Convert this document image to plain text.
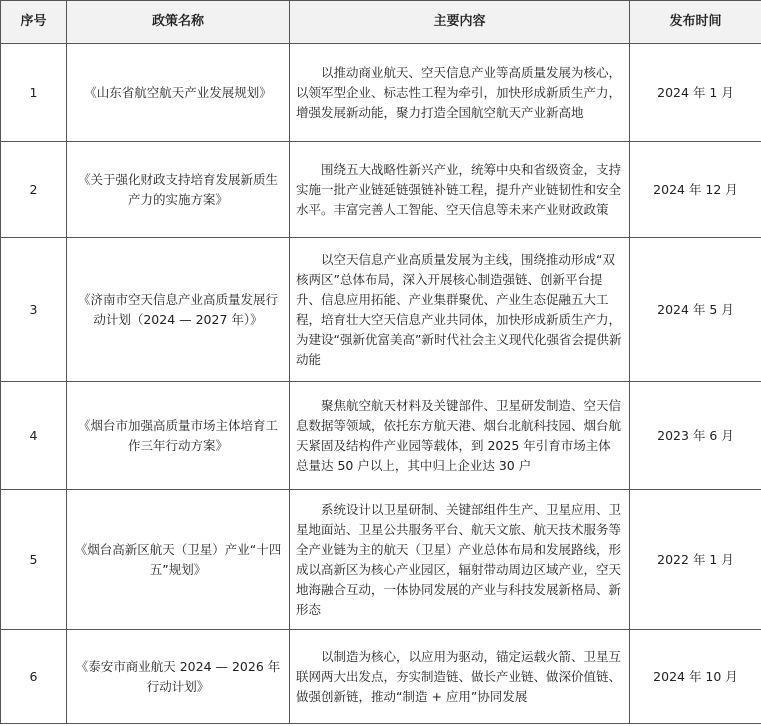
序号	政策名称	主要内容	发布时间
1	《山东省航空航天产业发展规划》	以推动商业航天、空天信息产业等高质量发展为核心，以领军型企业、标志性工程为牵引，加快形成新质生产力，增强发展新动能，聚力打造全国航空航天产业新高地	2024 年 1 月
2	《关于强化财政支持培育发展新质生产力的实施方案》	围绕五大战略性新兴产业，统筹中央和省级资金，支持实施一批产业链延链强链补链工程，提升产业链韧性和安全水平。丰富完善人工智能、空天信息等未来产业财政政策	2024 年 12 月
3	《济南市空天信息产业高质量发展行动计划（2024 — 2027 年）》	以空天信息产业高质量发展为主线，围绕推动形成“双核两区”总体布局，深入开展核心制造强链、创新平台提升、信息应用拓能、产业集群聚优、产业生态促融五大工程，培育壮大空天信息产业共同体，加快形成新质生产力，为建设“强新优富美高”新时代社会主义现代化强省会提供新动能	2024 年 5 月
4	《烟台市加强高质量市场主体培育工作三年行动方案》	聚焦航空航天材料及关键部件、卫星研发制造、空天信息数据等领域，依托东方航天港、烟台北航科技园、烟台航天紧固及结构件产业园等载体，到 2025 年引育市场主体总量达 50 户以上，其中归上企业达 30 户	2023 年 6 月
5	《烟台高新区航天（卫星）产业“十四五”规划》	系统设计以卫星研制、关键部组件生产、卫星应用、卫星地面站、卫星公共服务平台、航天文旅、航天技术服务等全产业链为主的航天（卫星）产业总体布局和发展路线，形成以高新区为核心产业园区，辐射带动周边区域产业，空天地海融合互动，一体协同发展的产业与科技发展新格局、新形态	2022 年 1 月
6	《泰安市商业航天 2024 — 2026 年行动计划》	以制造为核心，以应用为驱动，锚定运载火箭、卫星互联网两大出发点，夯实制造链、做长产业链、做深价值链、做强创新链，推动“制造 + 应用”协同发展	2024 年 10 月
